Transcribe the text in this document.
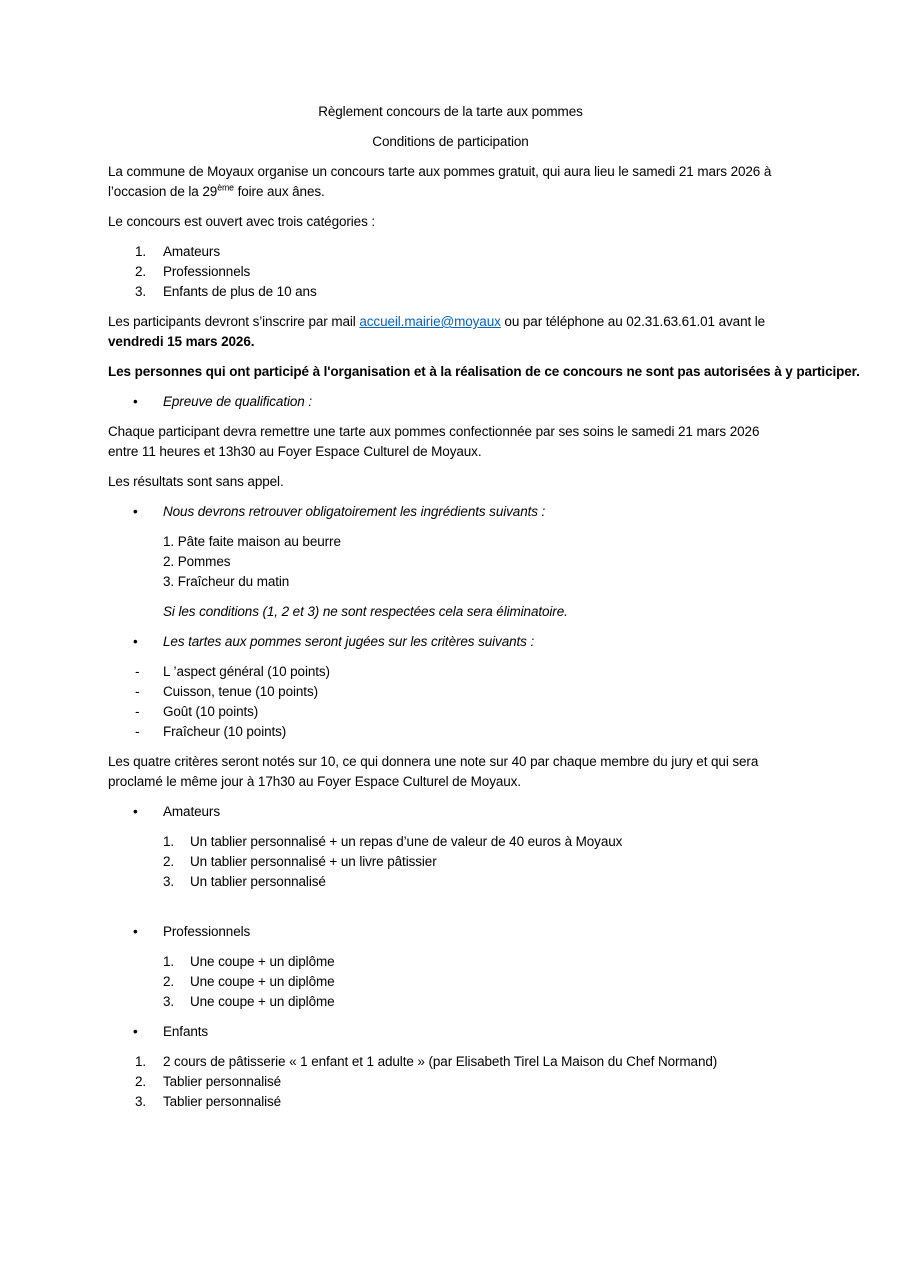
Règlement concours de la tarte aux pommes

Conditions de participation

La commune de Moyaux organise un concours tarte aux pommes gratuit, qui aura lieu le samedi 21 mars 2026 à l’occasion de la 29ème foire aux ânes.

Le concours est ouvert avec trois catégories :

Amateurs
Professionnels
Enfants de plus de 10 ans

Les participants devront s’inscrire par mail accueil.mairie@moyaux ou par téléphone au 02.31.63.61.01 avant le vendredi 15 mars 2026.

Les personnes qui ont participé à l'organisation et à la réalisation de ce concours ne sont pas autorisées à y participer.

•
Epreuve de qualification :

Chaque participant devra remettre une tarte aux pommes confectionnée par ses soins le samedi 21 mars 2026 entre 11 heures et 13h30 au Foyer Espace Culturel de Moyaux.

Les résultats sont sans appel.

•
Nous devrons retrouver obligatoirement les ingrédients suivants :
1. Pâte faite maison au beurre
2. Pommes
3. Fraîcheur du matin

Si les conditions (1, 2 et 3) ne sont respectées cela sera éliminatoire.

•
Les tartes aux pommes seront jugées sur les critères suivants :
-
L ’aspect général (10 points)
-
Cuisson, tenue (10 points)
-
Goût (10 points)
-
Fraîcheur (10 points)

Les quatre critères seront notés sur 10, ce qui donnera une note sur 40 par chaque membre du jury et qui sera proclamé le même jour à 17h30 au Foyer Espace Culturel de Moyaux.

•
Amateurs
Un tablier personnalisé + un repas d’une de valeur de 40 euros à Moyaux
Un tablier personnalisé + un livre pâtissier
Un tablier personnalisé
•
Professionnels
Une coupe + un diplôme
Une coupe + un diplôme
Une coupe + un diplôme
•
Enfants
2 cours de pâtisserie « 1 enfant et 1 adulte » (par Elisabeth Tirel La Maison du Chef Normand)
Tablier personnalisé
Tablier personnalisé
